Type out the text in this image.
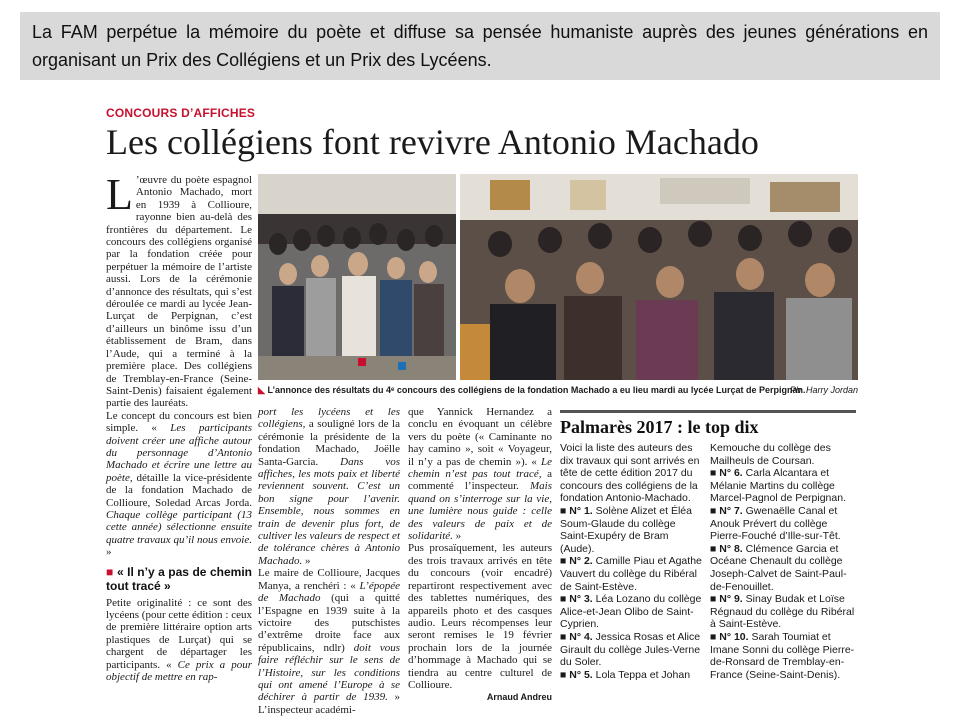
La FAM perpétue la mémoire du poète et diffuse sa pensée humaniste auprès des jeunes générations en organisant un Prix des Collégiens et un Prix des Lycéens.
CONCOURS D’AFFICHES
Les collégiens font revivre Antonio Machado

L ’œuvre du poète espagnol Antonio Machado, mort en 1939 à Collioure, rayonne bien au-delà des frontières du département. Le concours des collégiens organisé par la fondation créée pour perpétuer la mémoire de l’artiste aussi. Lors de la cérémonie d’annonce des résultats, qui s’est déroulée ce mardi au lycée Jean-Lurçat de Perpignan, c’est d’ailleurs un binôme issu d’un établissement de Bram, dans l’Aude, qui a terminé à la première place. Des collégiens de Tremblay-en-France (Seine-Saint-Denis) faisaient également partie des lauréats.

Le concept du concours est bien simple. « Les participants doivent créer une affiche autour du personnage d’Antonio Machado et écrire une lettre au poète, détaille la vice-présidente de la fondation Machado de Collioure, Soledad Arcas Jorda. Chaque collège participant (13 cette année) sélectionne ensuite quatre travaux qu’il nous envoie. »

■ « Il n’y a pas de chemin tout tracé »

Petite originalité : ce sont des lycéens (pour cette édition : ceux de première littéraire option arts plastiques de Lurçat) qui se chargent de départager les participants. « Ce prix a pour objectif de mettre en rap-

◣ L’annonce des résultats du 4ᵉ concours des collégiens de la fondation Machado a eu lieu mardi au lycée Lurçat de Perpignan.
Ph. Harry Jordan

port les lycéens et les collégiens, a souligné lors de la cérémonie la présidente de la fondation Machado, Joëlle Santa-Garcia. Dans vos affiches, les mots paix et liberté reviennent souvent. C’est un bon signe pour l’avenir. Ensemble, nous sommes en train de devenir plus fort, de cultiver les valeurs de respect et de tolérance chères à Antonio Machado. »

Le maire de Collioure, Jacques Manya, a renchéri : « L’épopée de Machado (qui a quitté l’Espagne en 1939 suite à la victoire des putschistes d’extrême droite face aux républicains, ndlr) doit vous faire réfléchir sur le sens de l’Histoire, sur les conditions qui ont amené l’Europe à se déchirer à partir de 1939. » L’inspecteur académi-

que Yannick Hernandez a conclu en évoquant un célèbre vers du poète (« Caminante no hay camino », soit « Voyageur, il n’y a pas de chemin »). « Le chemin n’est pas tout tracé, a commenté l’inspecteur. Mais quand on s’interroge sur la vie, une lumière nous guide : celle des valeurs de paix et de solidarité. »

Pus prosaïquement, les auteurs des trois travaux arrivés en tête du concours (voir encadré) repartiront respectivement avec des tablettes numériques, des appareils photo et des casques audio. Leurs récompenses leur seront remises le 19 février prochain lors de la journée d’hommage à Machado qui se tiendra au centre culturel de Collioure.

Arnaud Andreu
Palmarès 2017 : le top dix

Voici la liste des auteurs des dix travaux qui sont arrivés en tête de cette édition 2017 du concours des collégiens de la fondation Antonio-Machado.

■ N° 1. Solène Alizet et Éléa Soum-Glaude du collège Saint-Exupéry de Bram (Aude).

■ N° 2. Camille Piau et Agathe Vauvert du collège du Ribéral de Saint-Estève.

■ N° 3. Léa Lozano du collège Alice-et-Jean Olibo de Saint-Cyprien.

■ N° 4. Jessica Rosas et Alice Girault du collège Jules-Verne du Soler.

■ N° 5. Lola Teppa et Johan

Kemouche du collège des Mailheuls de Coursan.

■ N° 6. Carla Alcantara et Mélanie Martins du collège Marcel-Pagnol de Perpignan.

■ N° 7. Gwenaëlle Canal et Anouk Prévert du collège Pierre-Fouché d’Ille-sur-Têt.

■ N° 8. Clémence Garcia et Océane Chenault du collège Joseph-Calvet de Saint-Paul-de-Fenouillet.

■ N° 9. Sinay Budak et Loïse Régnaud du collège du Ribéral à Saint-Estève.

■ N° 10. Sarah Toumiat et Imane Sonni du collège Pierre-de-Ronsard de Tremblay-en-France (Seine-Saint-Denis).
